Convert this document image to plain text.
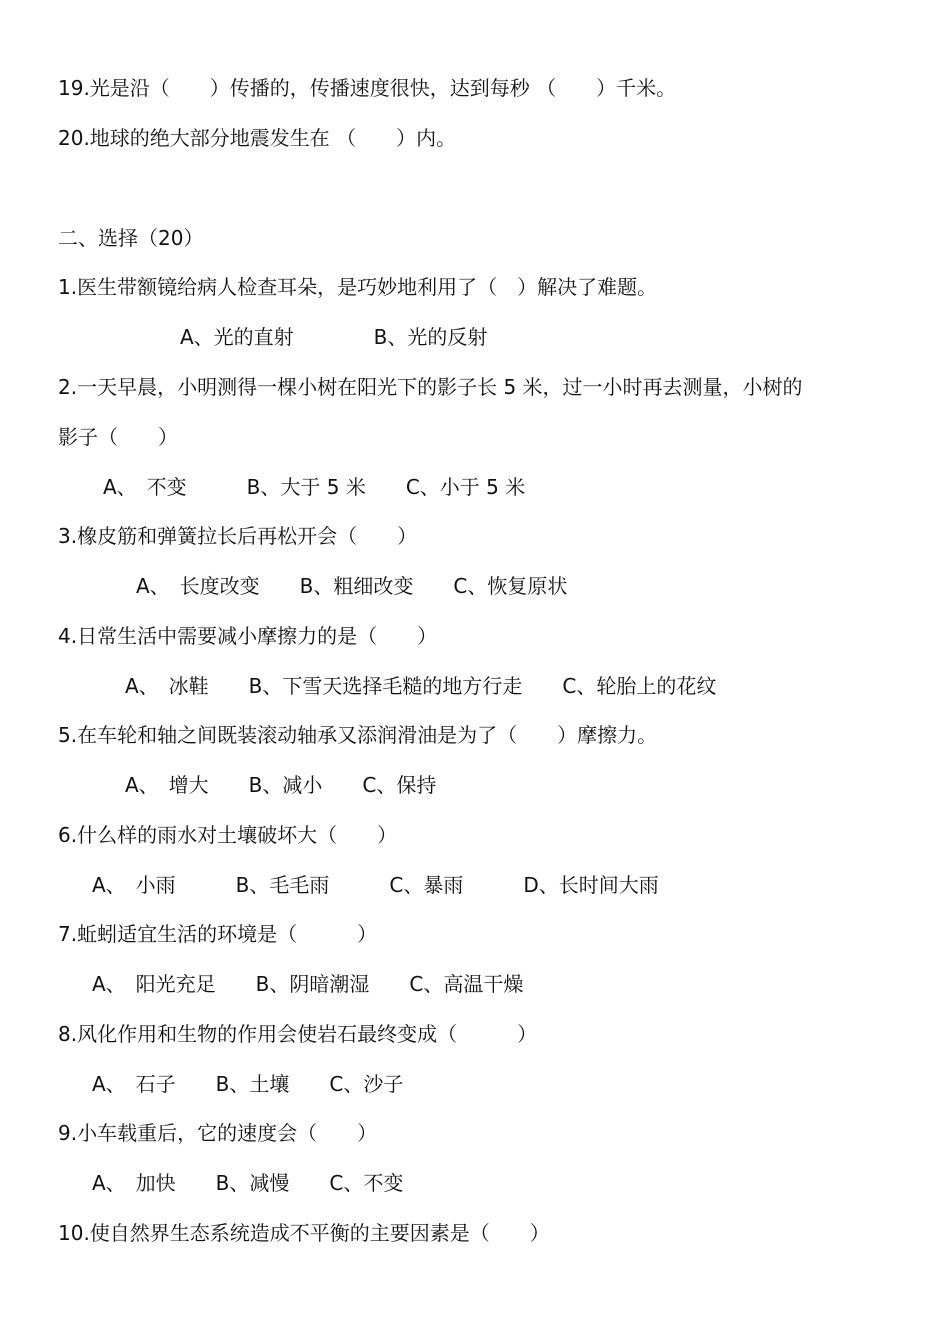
19.光是沿（　　）传播的，传播速度很快，达到每秒 （　　）千米。
20.地球的绝大部分地震发生在 （　　）内。
二、选择（20）
1.医生带额镜给病人检查耳朵，是巧妙地利用了（　）解决了难题。
A、光的直射　　　　B、光的反射
2.一天早晨，小明测得一棵小树在阳光下的影子长 5 米，过一小时再去测量，小树的
影子（　　）
A、　不变　　　B、大于 5 米　　C、小于 5 米
3.橡皮筋和弹簧拉长后再松开会（　　）
A、　长度改变　　B、粗细改变　　C、恢复原状
4.日常生活中需要减小摩擦力的是（　　）
A、　冰鞋　　B、下雪天选择毛糙的地方行走　　C、轮胎上的花纹
5.在车轮和轴之间既装滚动轴承又添润滑油是为了（　　）摩擦力。
A、　增大　　B、减小　　C、保持
6.什么样的雨水对土壤破坏大（　　）
A、　小雨　　　B、毛毛雨　　　C、暴雨　　　D、长时间大雨
7.蚯蚓适宜生活的环境是（　　　）
A、　阳光充足　　B、阴暗潮湿　　C、高温干燥
8.风化作用和生物的作用会使岩石最终变成（　　　）
A、　石子　　B、土壤　　C、沙子
9.小车载重后，它的速度会（　　）
A、　加快　　B、减慢　　C、不变
10.使自然界生态系统造成不平衡的主要因素是（　　）
